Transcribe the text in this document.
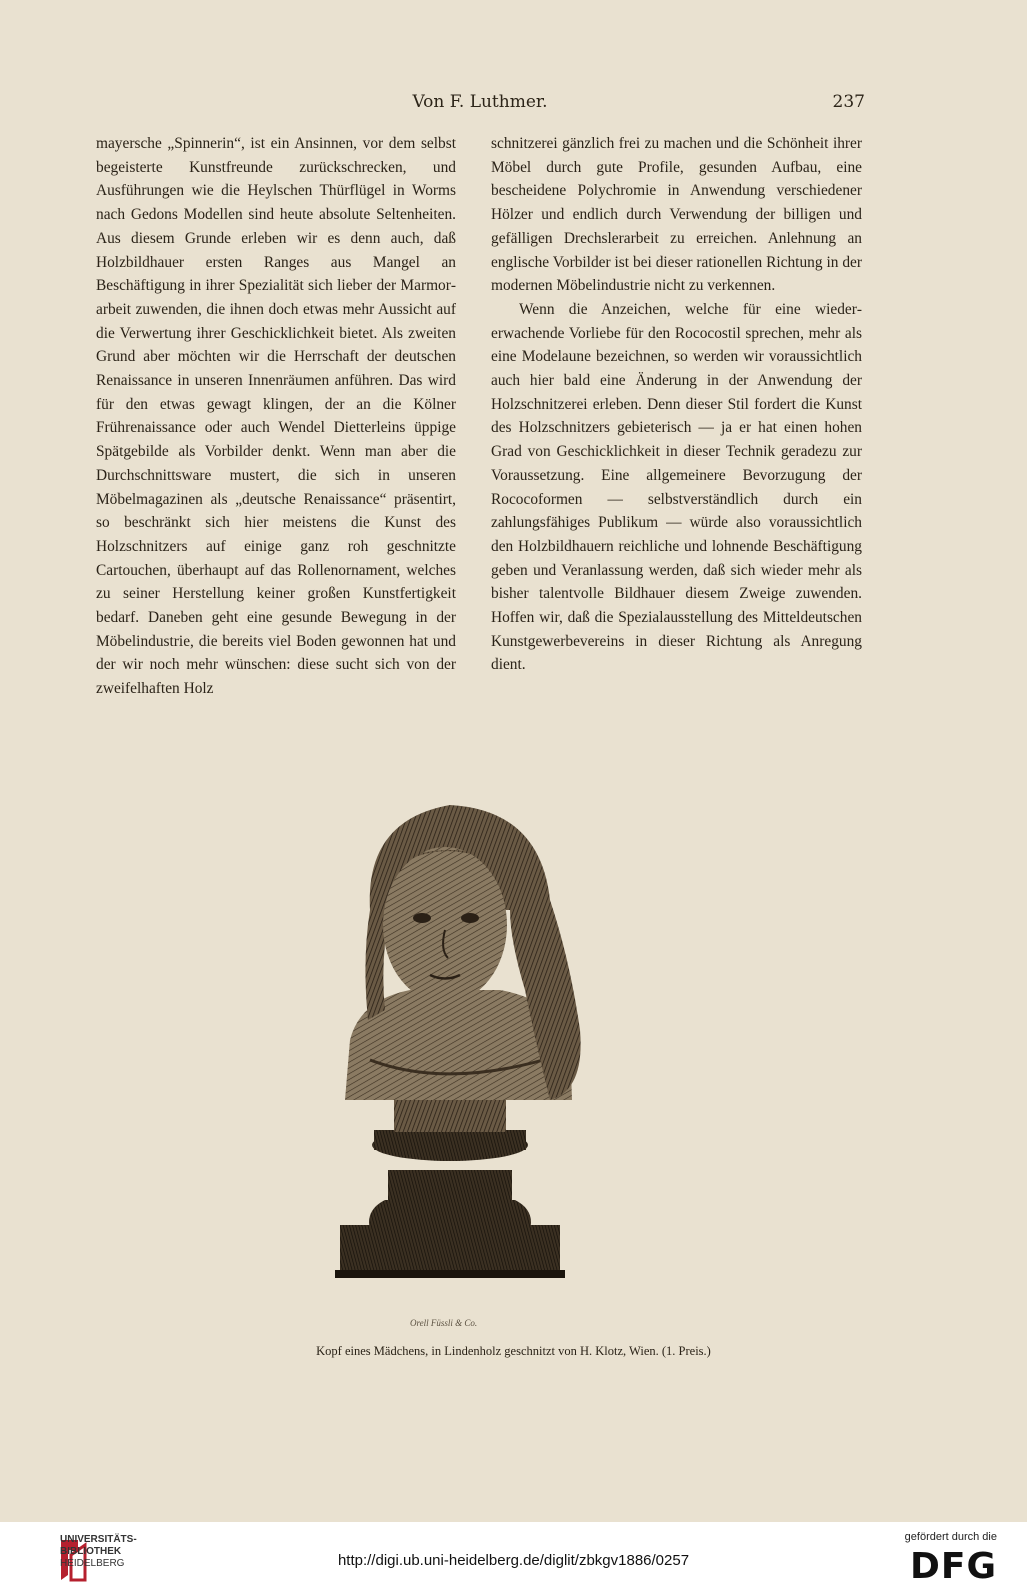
Von F. Luthmer.	237

mayersche „Spinnerin“, ist ein Ansinnen, vor dem selbst begeisterte Kunstfreunde zurückschrecken, und Ausführungen wie die Heylschen Thürflügel in Worms nach Gedons Modellen sind heute absolute Seltenheiten. Aus diesem Grunde erleben wir es denn auch, daß Holzbildhauer ersten Ranges aus Mangel an Beschäftigung in ihrer Spezialität sich lieber der Marmorarbeit zuwenden, die ihnen doch etwas mehr Aussicht auf die Verwertung ihrer Geschicklichkeit bietet. Als zweiten Grund aber möchten wir die Herrschaft der deutschen Renaissance in unseren Innenräumen anführen. Das wird für den etwas gewagt klingen, der an die Kölner Frührenaissance oder auch Wendel Dietterleins üppige Spätgebilde als Vorbilder denkt. Wenn man aber die Durchschnittsware mustert, die sich in unseren Möbelmagazinen als „deutsche Renaissance“ präsentirt, so beschränkt sich hier meistens die Kunst des Holzschnitzers auf einige ganz roh geschnitzte Cartouchen, überhaupt auf das Rollenornament, welches zu seiner Herstellung keiner großen Kunstfertigkeit bedarf. Daneben geht eine gesunde Bewegung in der Möbelindustrie, die bereits viel Boden gewonnen hat und der wir noch mehr wünschen: diese sucht sich von der zweifelhaften Holz

schnitzerei gänzlich frei zu machen und die Schönheit ihrer Möbel durch gute Profile, gesunden Aufbau, eine bescheidene Polychromie in Anwendung verschiedener Hölzer und endlich durch Verwendung der billigen und gefälligen Drechslerarbeit zu erreichen. Anlehnung an englische Vorbilder ist bei dieser rationellen Richtung in der modernen Möbelindustrie nicht zu verkennen.

Wenn die Anzeichen, welche für eine wiedererwachende Vorliebe für den Rococostil sprechen, mehr als eine Modelaune bezeichnen, so werden wir voraussichtlich auch hier bald eine Änderung in der Anwendung der Holzschnitzerei erleben. Denn dieser Stil fordert die Kunst des Holzschnitzers gebieterisch — ja er hat einen hohen Grad von Geschicklichkeit in dieser Technik geradezu zur Voraussetzung. Eine allgemeinere Bevorzugung der Rococoformen — selbstverständlich durch ein zahlungsfähiges Publikum — würde also voraussichtlich den Holzbildhauern reichliche und lohnende Beschäftigung geben und Veranlassung werden, daß sich wieder mehr als bisher talentvolle Bildhauer diesem Zweige zuwenden. Hoffen wir, daß die Spezialausstellung des Mitteldeutschen Kunstgewerbevereins in dieser Richtung als Anregung dient.

Orell Füssli & Co.
Kopf eines Mädchens, in Lindenholz geschnitzt von H. Klotz, Wien. (1. Preis.)
UNIVERSITÄTS-
BIBLIOTHEK
HEIDELBERG	http://digi.ub.uni-heidelberg.de/diglit/zbkgv1886/0257
gefördert durch die
DFG
